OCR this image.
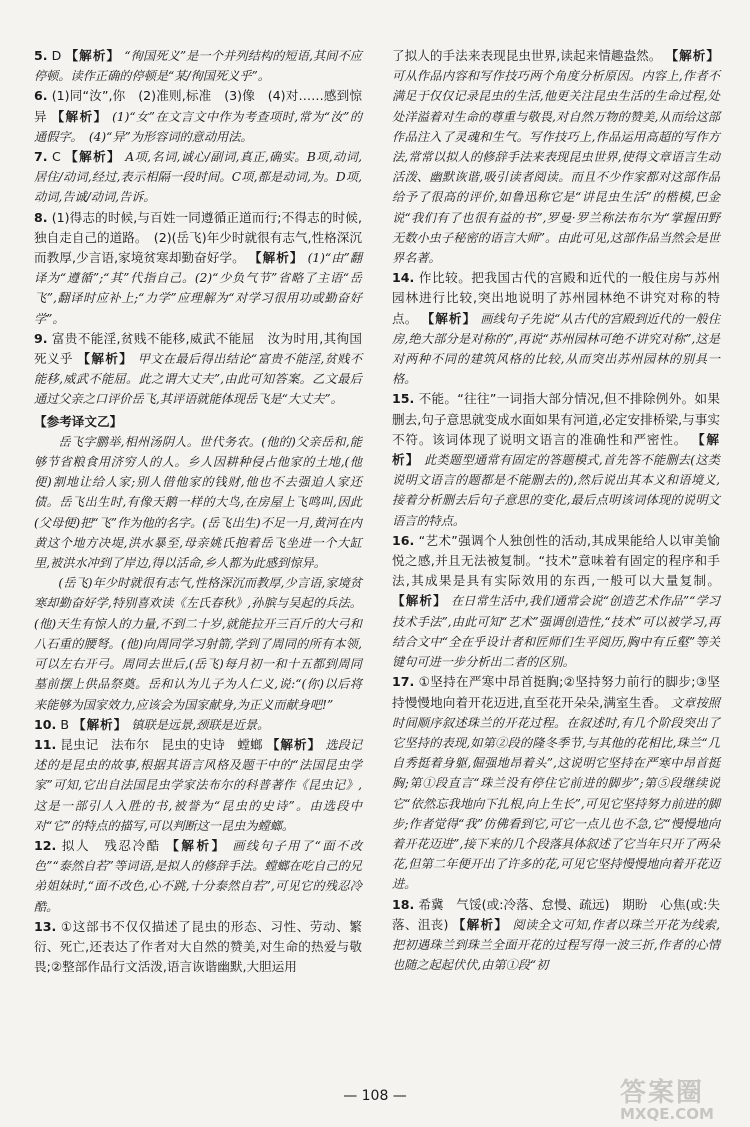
5. D 【解析】 “徇国死义”是一个并列结构的短语,其间不应停顿。读作正确的停顿是“某/徇国死义乎”。

6. (1)同“汝”,你　(2)准则,标准　(3)像　(4)对……感到惊异 【解析】 (1)“女”在文言文中作为考查项时,常为“汝”的通假字。　(4)“异”为形容词的意动用法。

7. C 【解析】 A项,名词,诚心/副词,真正,确实。B项,动词,居住/动词,经过,表示相隔一段时间。C项,都是动词,为。D项,动词,告诚/动词,告诉。

8. (1)得志的时候,与百姓一同遵循正道而行;不得志的时候,独自走自己的道路。　(2)(岳飞)年少时就很有志气,性格深沉而教厚,少言语,家境贫寒却勤奋好学。 【解析】 (1)“由”翻译为“遵循”;“其”代指自己。(2)“少负气节”省略了主语“岳飞”,翻译时应补上;“力学”应理解为“对学习很用功或勤奋好学”。

9. 富贵不能淫,贫贱不能移,威武不能屈　汝为时用,其徇国死义乎 【解析】 甲文在最后得出结论“富贵不能淫,贫贱不能移,威武不能屈。此之谓大丈夫”,由此可知答案。乙文最后通过父亲之口评价岳飞,其评语就能体现岳飞是“大丈夫”。

【参考译文乙】

岳飞字鹏举,相州汤阴人。世代务农。(他的)父亲岳和,能够节省粮食用济穷人的人。乡人因耕种侵占他家的土地,(他便)割地让给人家;别人借他家的钱财,他也不去强迫人家还债。岳飞出生时,有像天鹅一样的大鸟,在房屋上飞鸣叫,因此(父母便)把“飞”作为他的名字。(岳飞出生)不足一月,黄河在内黄这个地方决堤,洪水暴至,母亲姚氏抱着岳飞坐进一个大缸里,被洪水冲到了岸边,得以活命,乡人都为此感到惊异。

(岳飞)年少时就很有志气,性格深沉而教厚,少言语,家境贫寒却勤奋好学,特别喜欢读《左氏春秋》,孙膑与吴起的兵法。(他)天生有惊人的力量,不到二十岁,就能拉开三百斤的大弓和八石重的腰弩。(他)向周同学习射箭,学到了周同的所有本领,可以左右开弓。周同去世后,(岳飞)每月初一和十五都到周同墓前摆上供品祭奠。岳和认为儿子为人仁义,说:“(你)以后将来能够为国家效力,应该会为国家献身,为正义而献身吧!”

10. B 【解析】 镇联是远景,颈联是近景。

11. 昆虫记　法布尔　昆虫的史诗　螳螂 【解析】 选段记述的是昆虫的故事,根据其语言风格及题干中的“法国昆虫学家”可知,它出自法国昆虫学家法布尔的科普著作《昆虫记》,这是一部引人入胜的书,被誉为“昆虫的史诗”。由选段中对“它”的特点的描写,可以判断这一昆虫为螳螂。

12. 拟人　残忍冷酷 【解析】 画线句子用了“面不改色”“泰然自若”等词语,是拟人的修辞手法。螳螂在吃自己的兄弟姐妹时,“面不改色,心不跳,十分泰然自若”,可见它的残忍冷酷。

13. ①这部书不仅仅描述了昆虫的形态、习性、劳动、繁衍、死亡,还表达了作者对大自然的赞美,对生命的热爱与敬畏;②整部作品行文活泼,语言诙谐幽默,大胆运用

了拟人的手法来表现昆虫世界,读起来情趣盎然。 【解析】 可从作品内容和写作技巧两个角度分析原因。内容上,作者不满足于仅仅记录昆虫的生活,他更关注昆虫生活的生命过程,处处洋溢着对生命的尊重与敬畏,对自然万物的赞美,从而给这部作品注入了灵魂和生气。写作技巧上,作品运用高超的写作方法,常常以拟人的修辞手法来表现昆虫世界,使得文章语言生动活泼、幽默诙谐,吸引读者阅读。而且不少作家都对这部作品给予了很高的评价,如鲁迅称它是“讲昆虫生活”的楷模,巴金说“我们有了也很有益的书”,罗曼·罗兰称法布尔为“掌握田野无数小虫子秘密的语言大师”。由此可见,这部作品当然会是世界名著。

14. 作比较。把我国古代的宫殿和近代的一般住房与苏州园林进行比较,突出地说明了苏州园林绝不讲究对称的特点。 【解析】 画线句子先说“从古代的宫殿到近代的一般住房,绝大部分是对称的”,再说“苏州园林可绝不讲究对称”,这是对两种不同的建筑风格的比较,从而突出苏州园林的别具一格。

15. 不能。“往往”一词指大部分情况,但不排除例外。如果删去,句子意思就变成水面如果有河道,必定安排桥梁,与事实不符。该词体现了说明文语言的准确性和严密性。 【解析】 此类题型通常有固定的答题模式,首先答不能删去(这类说明文语言的题都是不能删去的),然后说出其本义和语境义,接着分析删去后句子意思的变化,最后点明该词体现的说明文语言的特点。

16. “艺术”强调个人独创性的活动,其成果能给人以审美愉悦之感,并且无法被复制。“技术”意味着有固定的程序和手法,其成果是具有实际效用的东西,一般可以大量复制。 【解析】 在日常生活中,我们通常会说“创造艺术作品”“学习技术手法”,由此可知“艺术”强调创造性,“技术”可以被学习,再结合文中“全在乎设计者和匠师们生平阅历,胸中有丘壑”等关键句可进一步分析出二者的区别。

17. ①坚持在严寒中昂首挺胸;②坚持努力前行的脚步;③坚持慢慢地向着开花迈进,直至花开朵朵,满室生香。 文章按照时间顺序叙述珠兰的开花过程。在叙述时,有几个阶段突出了它坚持的表现,如第②段的隆冬季节,与其他的花相比,珠兰“几自秀挺着身躯,倔强地昂着头”,这说明它坚持在严寒中昂首挺胸;第①段直言“珠兰没有停住它前进的脚步”;第⑤段继续说它“依然忘我地向下扎根,向上生长”,可见它坚持努力前进的脚步;作者觉得“我”仿佛看到它,可它一点儿也不急,它“慢慢地向着开花迈进”,接下来的几个段落具体叙述了它当年只开了两朵花,但第二年便开出了许多的花,可见它坚持慢慢地向着开花迈进。

18. 希冀　气馁(或:冷落、怠慢、疏远)　期盼　心焦(或:失落、沮丧) 【解析】 阅读全文可知,作者以珠兰开花为线索,把初遇珠兰到珠兰全面开花的过程写得一波三折,作者的心情也随之起起伏伏,由第①段“初

— 108 —	答案圈
MXQE.COM
